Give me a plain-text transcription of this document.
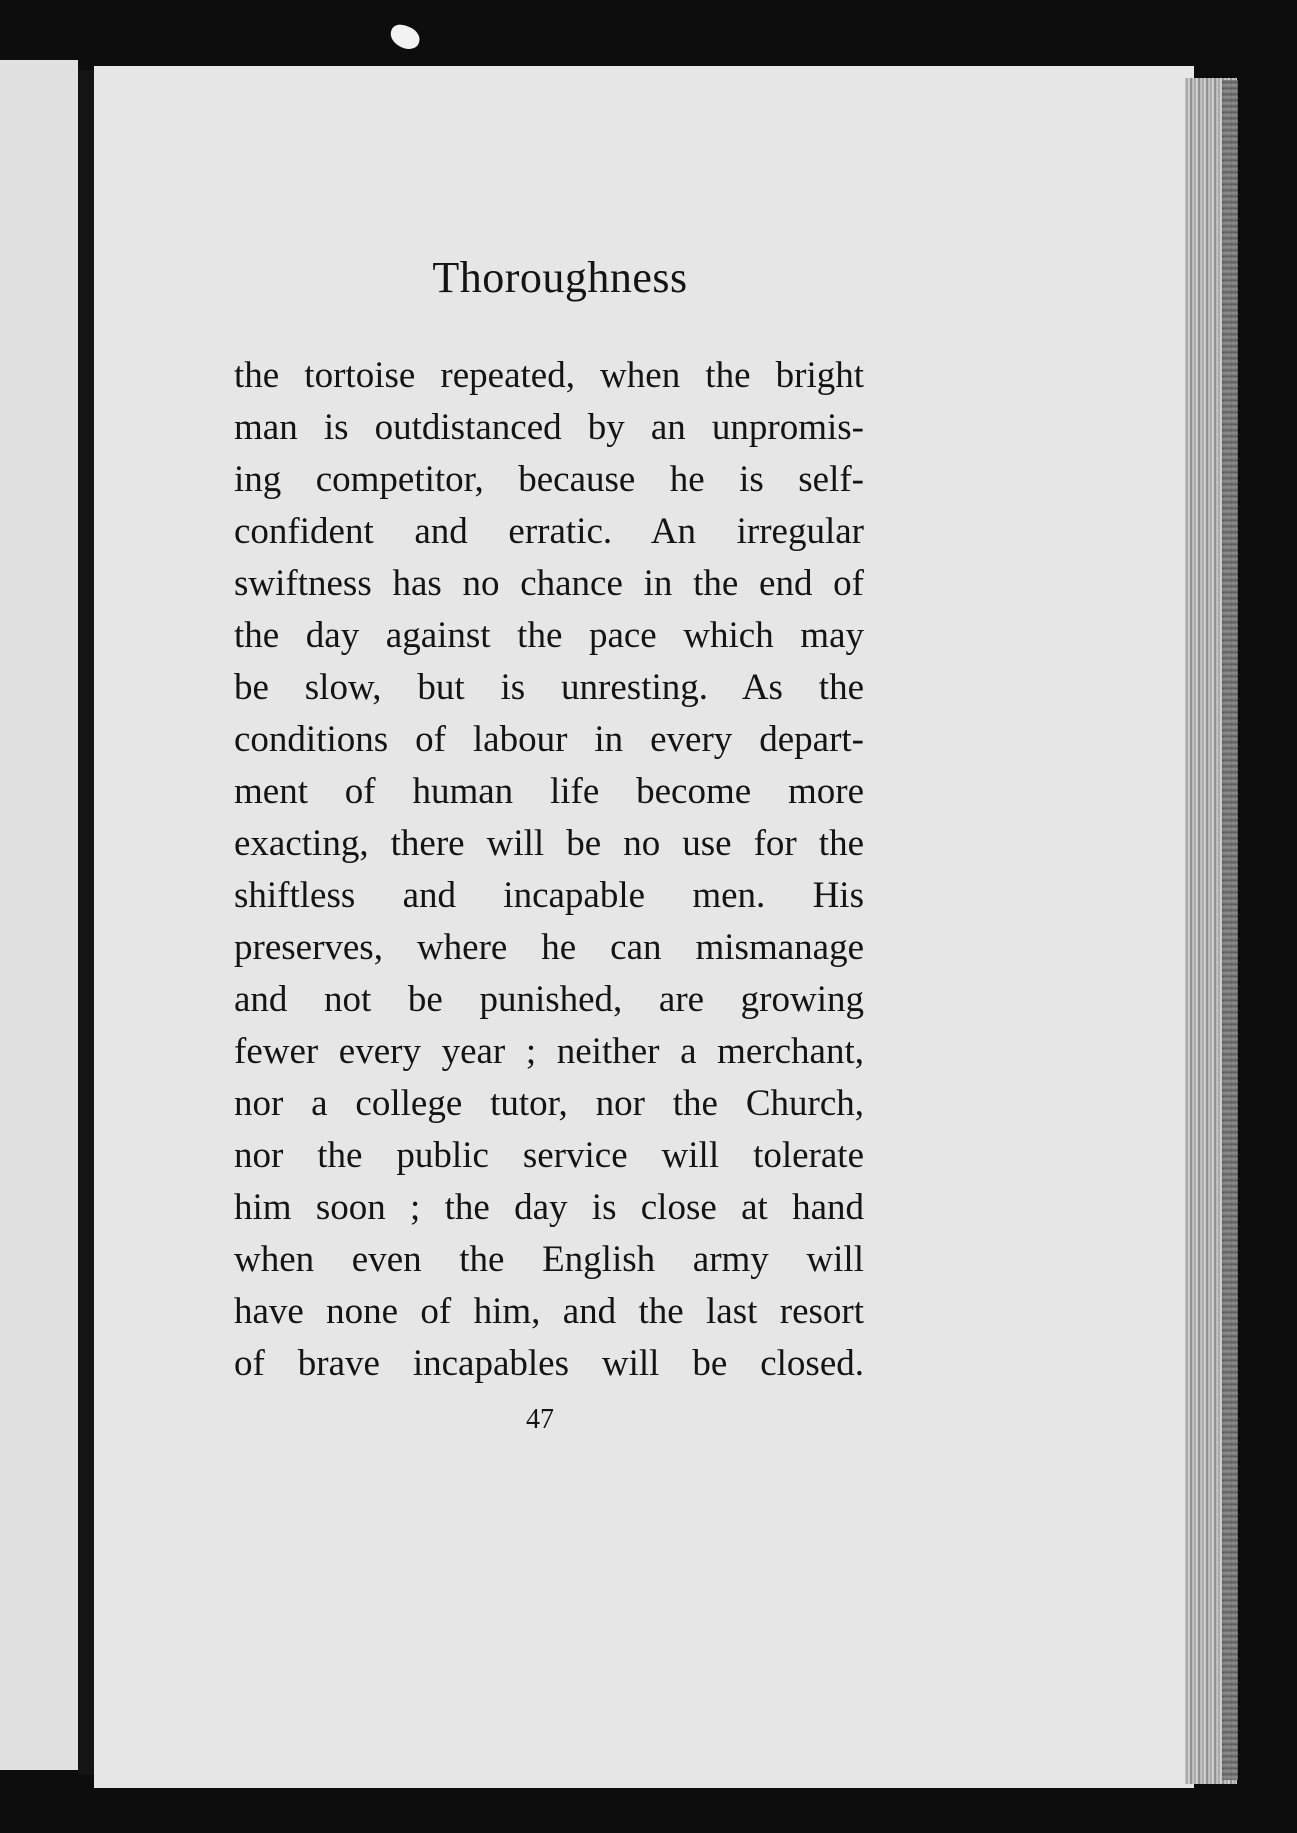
Thoroughness
the tortoise repeated, when the bright
man is outdistanced by an unpromis-
ing competitor, because he is self-
confident and erratic. An irregular
swiftness has no chance in the end of
the day against the pace which may
be slow, but is unresting. As the
conditions of labour in every depart-
ment of human life become more
exacting, there will be no use for the
shiftless and incapable men. His
preserves, where he can mismanage
and not be punished, are growing
fewer every year ; neither a merchant,
nor a college tutor, nor the Church,
nor the public service will tolerate
him soon ; the day is close at hand
when even the English army will
have none of him, and the last resort
of brave incapables will be closed.
47
